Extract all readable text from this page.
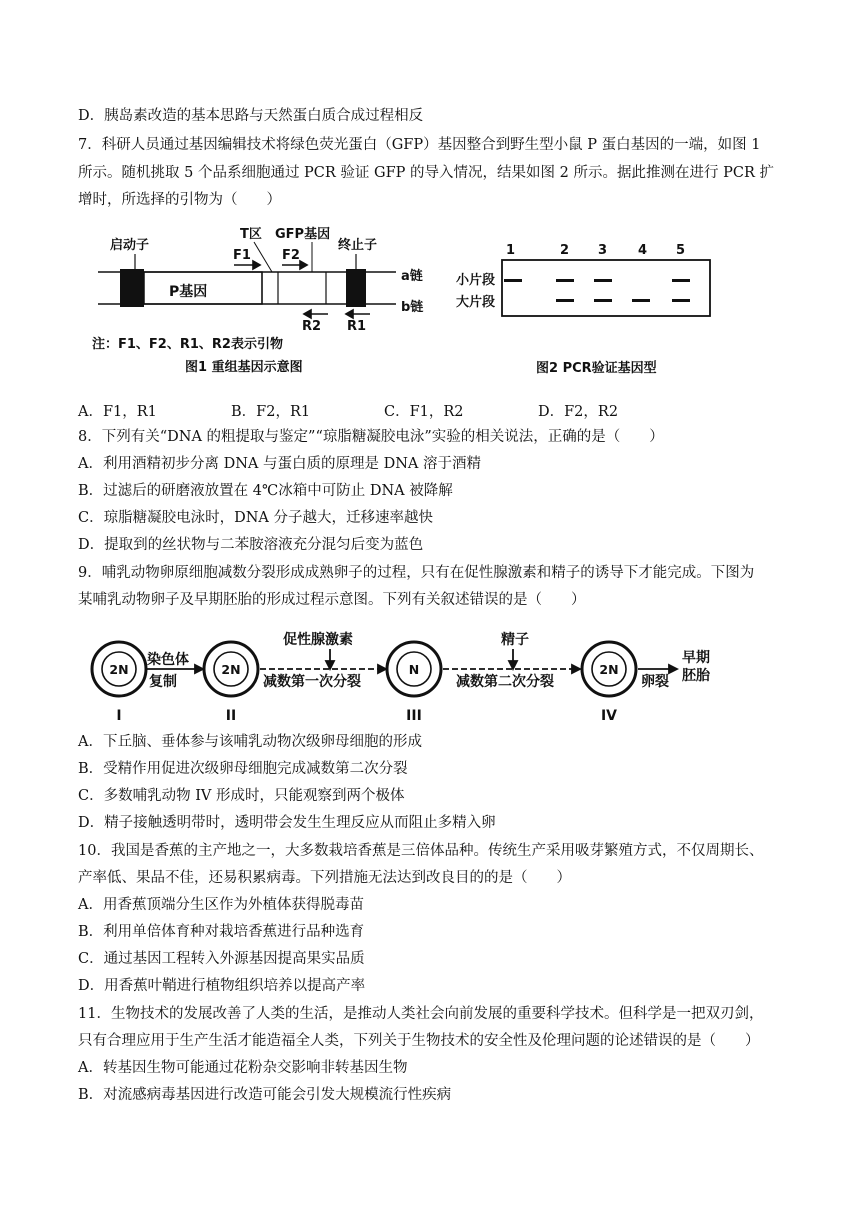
D．胰岛素改造的基本思路与天然蛋白质合成过程相反
7．科研人员通过基因编辑技术将绿色荧光蛋白（GFP）基因整合到野生型小鼠 P 蛋白基因的一端，如图 1
所示。随机挑取 5 个品系细胞通过 PCR 验证 GFP 的导入情况，结果如图 2 所示。据此推测在进行 PCR 扩
增时，所选择的引物为（　　）
启动子
T区 GFP基因
终止子
F1 F2
P基因
a链
b链
R2 R1
注：F1、F2、R1、R2表示引物
图1 重组基因示意图
1	2 3 4 5
小片段
大片段
图2 PCR验证基因型
A．F1，R1	B．F2，R1	C．F1，R2	D．F2，R2
8．下列有关“DNA 的粗提取与鉴定”“琼脂糖凝胶电泳”实验的相关说法，正确的是（　　）
A．利用酒精初步分离 DNA 与蛋白质的原理是 DNA 溶于酒精
B．过滤后的研磨液放置在 4℃冰箱中可防止 DNA 被降解
C．琼脂糖凝胶电泳时，DNA 分子越大，迁移速率越快
D．提取到的丝状物与二苯胺溶液充分混匀后变为蓝色
9．哺乳动物卵原细胞减数分裂形成成熟卵子的过程，只有在促性腺激素和精子的诱导下才能完成。下图为
某哺乳动物卵子及早期胚胎的形成过程示意图。下列有关叙述错误的是（　　）
2N	2N	N	2N
染色体
复制
促性腺激素	精子
减数第一次分裂	减数第二次分裂	卵裂
早期
胚胎
I	II	III	IV
A．下丘脑、垂体参与该哺乳动物次级卵母细胞的形成
B．受精作用促进次级卵母细胞完成减数第二次分裂
C．多数哺乳动物 IV 形成时，只能观察到两个极体
D．精子接触透明带时，透明带会发生生理反应从而阻止多精入卵
10．我国是香蕉的主产地之一，大多数栽培香蕉是三倍体品种。传统生产采用吸芽繁殖方式，不仅周期长、
产率低、果品不佳，还易积累病毒。下列措施无法达到改良目的的是（　　）
A．用香蕉顶端分生区作为外植体获得脱毒苗
B．利用单倍体育种对栽培香蕉进行品种选育
C．通过基因工程转入外源基因提高果实品质
D．用香蕉叶鞘进行植物组织培养以提高产率
11．生物技术的发展改善了人类的生活，是推动人类社会向前发展的重要科学技术。但科学是一把双刃剑，
只有合理应用于生产生活才能造福全人类，下列关于生物技术的安全性及伦理问题的论述错误的是（　　）
A．转基因生物可能通过花粉杂交影响非转基因生物
B．对流感病毒基因进行改造可能会引发大规模流行性疾病
